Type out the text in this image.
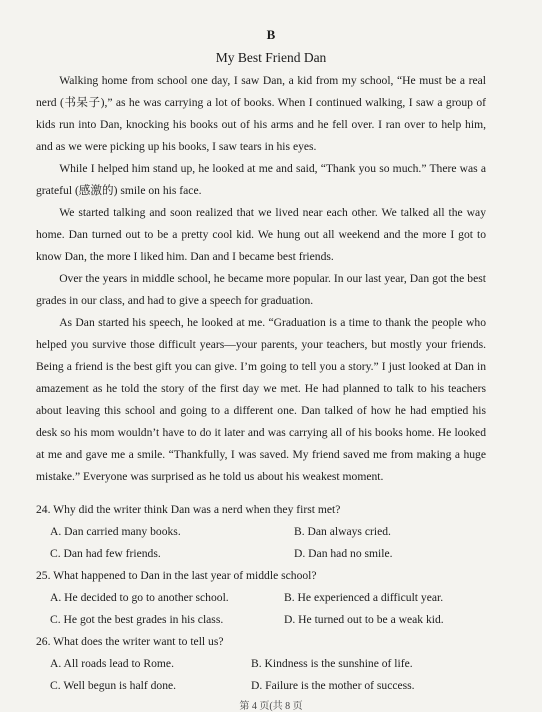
B
My Best Friend Dan

Walking home from school one day, I saw Dan, a kid from my school, “He must be a real nerd (书呆子),” as he was carrying a lot of books. When I continued walking, I saw a group of kids run into Dan, knocking his books out of his arms and he fell over. I ran over to help him, and as we were picking up his books, I saw tears in his eyes.

While I helped him stand up, he looked at me and said, “Thank you so much.” There was a grateful (感激的) smile on his face.

We started talking and soon realized that we lived near each other. We talked all the way home. Dan turned out to be a pretty cool kid. We hung out all weekend and the more I got to know Dan, the more I liked him. Dan and I became best friends.

Over the years in middle school, he became more popular. In our last year, Dan got the best grades in our class, and had to give a speech for graduation.

As Dan started his speech, he looked at me. “Graduation is a time to thank the people who helped you survive those difficult years—your parents, your teachers, but mostly your friends. Being a friend is the best gift you can give. I’m going to tell you a story.” I just looked at Dan in amazement as he told the story of the first day we met. He had planned to talk to his teachers about leaving this school and going to a different one. Dan talked of how he had emptied his desk so his mom wouldn’t have to do it later and was carrying all of his books home. He looked at me and gave me a smile. “Thankfully, I was saved. My friend saved me from making a huge mistake.” Everyone was surprised as he told us about his weakest moment.

24. Why did the writer think Dan was a nerd when they first met?
A. Dan carried many books.	B. Dan always cried.
C. Dan had few friends.	D. Dan had no smile.
25. What happened to Dan in the last year of middle school?
A. He decided to go to another school.	B. He experienced a difficult year.
C. He got the best grades in his class.	D. He turned out to be a weak kid.
26. What does the writer want to tell us?
A. All roads lead to Rome.	B. Kindness is the sunshine of life.
C. Well begun is half done.	D. Failure is the mother of success.
第 4 页(共 8 页
